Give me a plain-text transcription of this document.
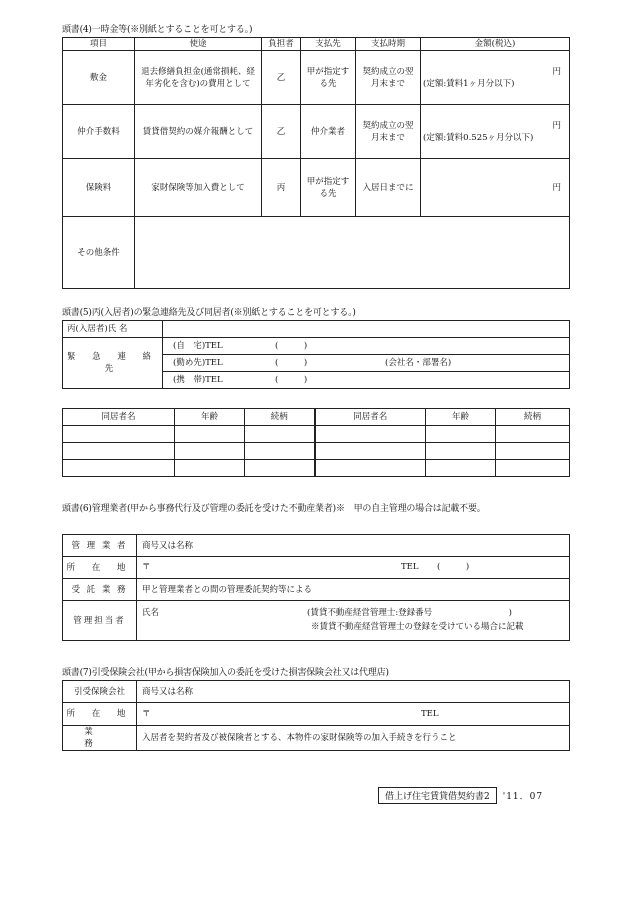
頭書(4)一時金等(※別紙とすることを可とする。)
項目	使途	負担者	支払先	支払時期	金額(税込)
敷金	退去修繕負担金(通常損耗、経年劣化を含む)の費用として	乙	甲が指定する先	契約成立の翌月末まで	円
(定額:賃料1ヶ月分以下)

仲介手数料	賃貸借契約の媒介報酬として	乙	仲介業者	契約成立の翌月末まで	円
(定額:賃料0.525ヶ月分以下)

保険料	家財保険等加入費として	丙	甲が指定する先	入居日までに	円
その他条件					
頭書(5)丙(入居者)の緊急連絡先及び同居者(※別紙とすることを可とする。)
丙(入居者)氏 名	
緊 急 連 絡 先	(自　宅)TEL (　　　)

	(勤め先)TEL (　　　) (会社名・部署名)

	(携　帯)TEL (　　　)
同居者名	年齢	続柄	同居者名	年齢	続柄

頭書(6)管理業者(甲から事務代行及び管理の委託を受けた不動産業者)※　甲の自主管理の場合は記載不要。
管 理 業 者	商号又は名称
所 在 地	〒 TEL (　　　)

受 託 業 務	甲と管理業者との間の管理委託契約等による
管理担当者	氏名 (賃貸不動産経営管理士:登録番号　　　　　　　　　)
※賃貸不動産経営管理士の登録を受けている場合に記載
頭書(7)引受保険会社(甲から損害保険加入の委託を受けた損害保険会社又は代理店)
引受保険会社	商号又は名称
所 在 地	〒 TEL

業 務	入居者を契約者及び被保険者とする、本物件の家財保険等の加入手続きを行うこと
借上げ住宅賃貸借契約書2 '11．07
